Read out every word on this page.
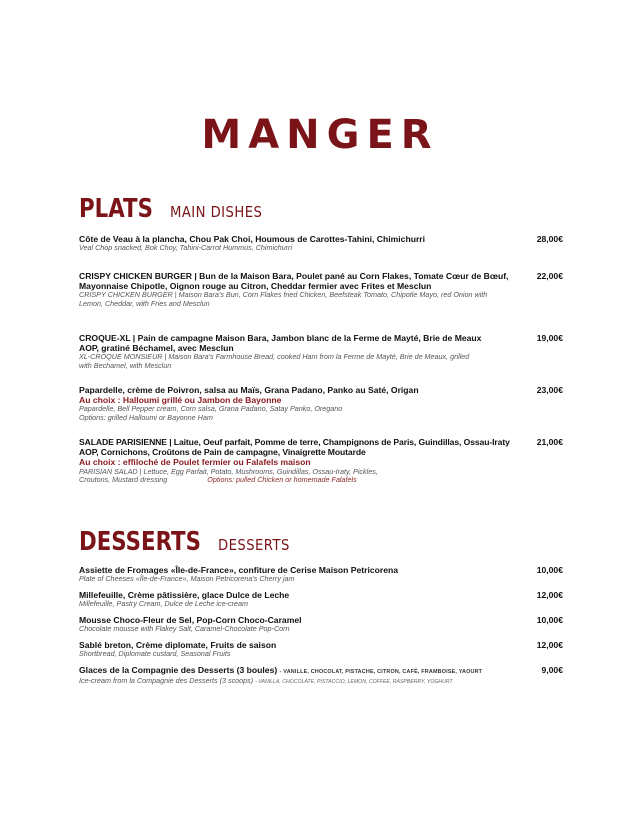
MANGER
PLATS MAIN DISHES
Côte de Veau à la plancha, Chou Pak Choi, Houmous de Carottes-Tahini, Chimichurri
Veal Chop snacked, Bok Choy, Tahini-Carrot Hummus, Chimichurri
28,00€
CRISPY CHICKEN BURGER | Bun de la Maison Bara, Poulet pané au Corn Flakes, Tomate Cœur de Bœuf, Mayonnaise Chipotle, Oignon rouge au Citron, Cheddar fermier avec Frites et Mesclun
CRISPY CHICKEN BURGER | Maison Bara's Bun, Corn Flakes fried Chicken, Beefsteak Tomato, Chipotle Mayo, red Onion with Lemon, Cheddar, with Fries and Mesclun
22,00€
CROQUE-XL | Pain de campagne Maison Bara, Jambon blanc de la Ferme de Mayté, Brie de Meaux AOP, gratiné Béchamel, avec Mesclun
XL-CROQUE MONSIEUR | Maison Bara's Farmhouse Bread, cooked Ham from la Ferme de Mayté, Brie de Meaux, grilled with Bechamel, with Mesclun
19,00€
Papardelle, crème de Poivron, salsa au Maïs, Grana Padano, Panko au Saté, Origan
Au choix : Halloumi grillé ou Jambon de Bayonne
Papardelle, Bell Pepper cream, Corn salsa, Grana Padano, Satay Panko, Oregano
Options: grilled Halloumi or Bayonne Ham
23,00€
SALADE PARISIENNE | Laitue, Oeuf parfait, Pomme de terre, Champignons de Paris, Guindillas, Ossau-Iraty AOP, Cornichons, Croûtons de Pain de campagne, Vinaigrette Moutarde
Au choix : effiloché de Poulet fermier ou Falafels maison
PARISIAN SALAD | Lettuce, Egg Parfait, Potato, Mushrooms, Guindillas, Ossau-Iraty, Pickles,
Croutons, Mustard dressing	Options: pulled Chicken or homemade Falafels
21,00€
DESSERTS DESSERTS
Assiette de Fromages «Île-de-France», confiture de Cerise Maison Petricorena
Plate of Cheeses «Île-de-France», Maison Petricorena's Cherry jam
10,00€
Millefeuille, Crème pâtissière, glace Dulce de Leche
Millefeuille, Pastry Cream, Dulce de Leche ice-cream
12,00€
Mousse Choco-Fleur de Sel, Pop-Corn Choco-Caramel
Chocolate mousse with Flakey Salt, Caramel-Chocolate Pop-Corn
10,00€
Sablé breton, Crème diplomate, Fruits de saison
Shortbread, Diplomate custard, Seasonal Fruits
12,00€
Glaces de la Compagnie des Desserts (3 boules) - VANILLE, CHOCOLAT, PISTACHE, CITRON, CAFÉ, FRAMBOISE, YAOURT
Ice-cream from la Compagnie des Desserts (3 scoops) - VANILLA, CHOCOLATE, PISTACCIO, LEMON, COFFEE, RASPBERRY, YOGHURT
9,00€
